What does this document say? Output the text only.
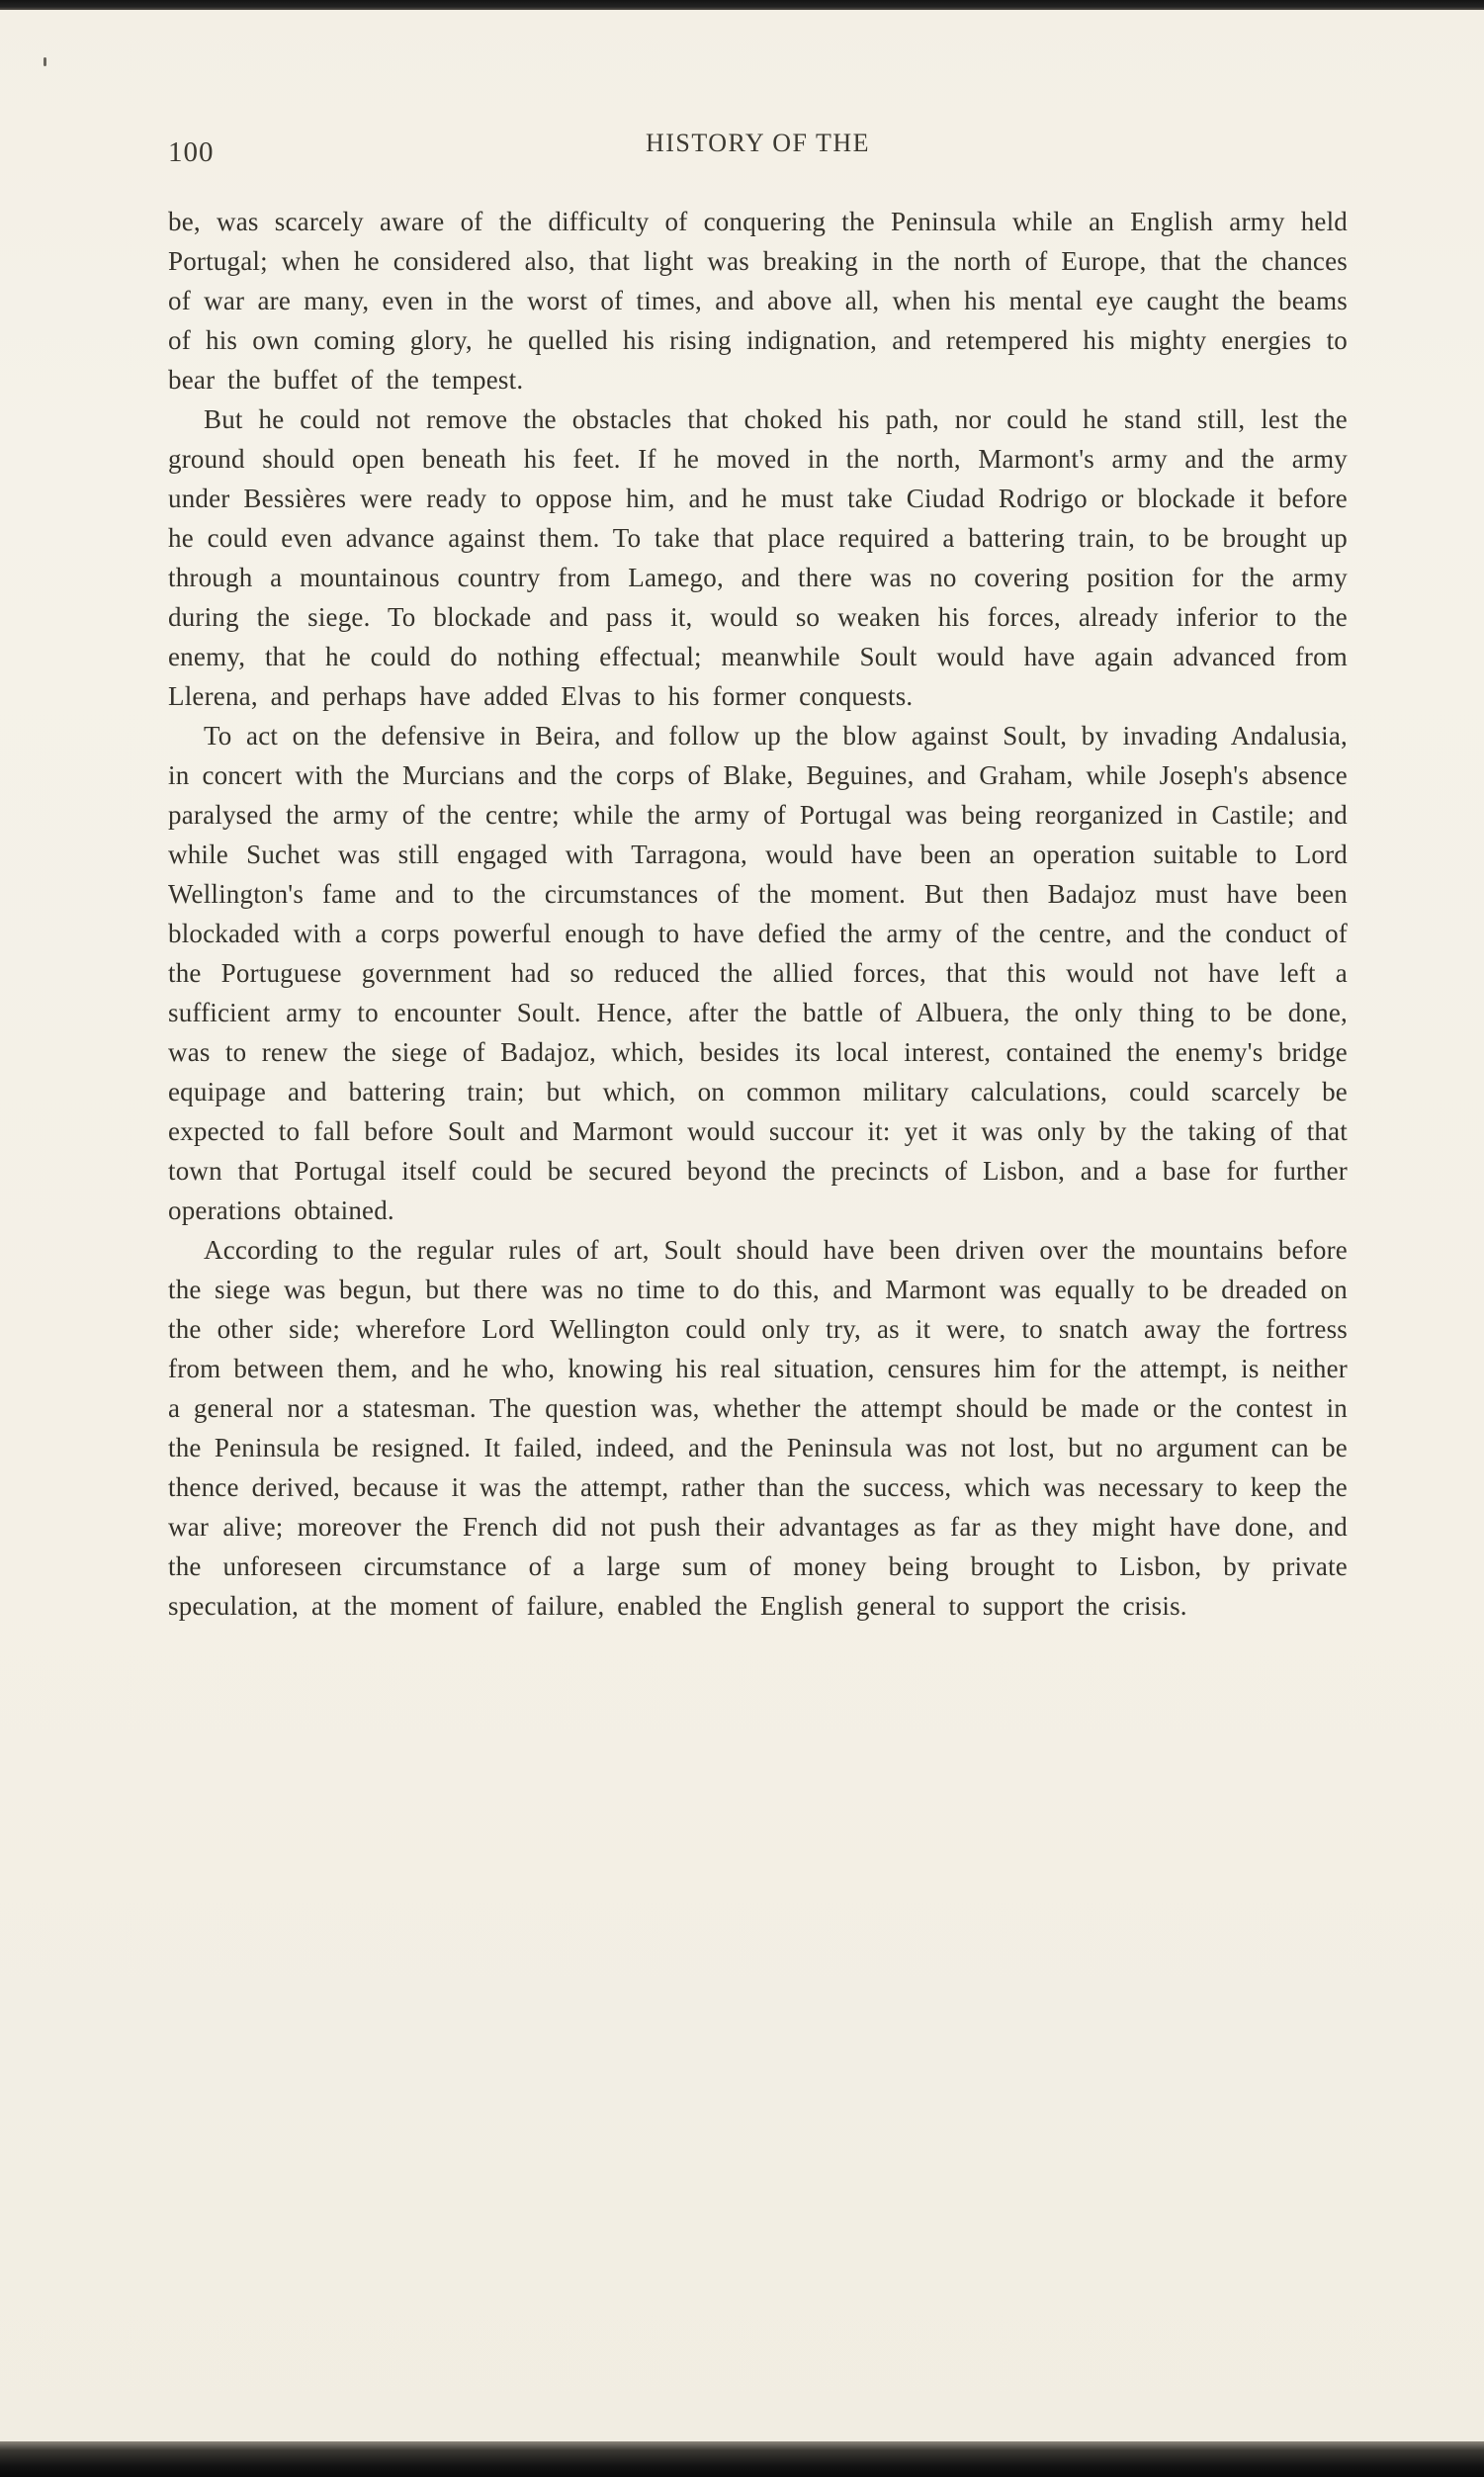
100	HISTORY OF THE

be, was scarcely aware of the difficulty of conquering the Peninsula while an English army held Portugal; when he considered also, that light was breaking in the north of Europe, that the chances of war are many, even in the worst of times, and above all, when his mental eye caught the beams of his own coming glory, he quelled his rising indignation, and retempered his mighty energies to bear the buffet of the tempest.

But he could not remove the obstacles that choked his path, nor could he stand still, lest the ground should open beneath his feet. If he moved in the north, Marmont's army and the army under Bessières were ready to oppose him, and he must take Ciudad Rodrigo or blockade it before he could even advance against them. To take that place required a battering train, to be brought up through a mountainous country from Lamego, and there was no covering position for the army during the siege. To blockade and pass it, would so weaken his forces, already inferior to the enemy, that he could do nothing effectual; meanwhile Soult would have again advanced from Llerena, and perhaps have added Elvas to his former conquests.

To act on the defensive in Beira, and follow up the blow against Soult, by invading Andalusia, in concert with the Murcians and the corps of Blake, Beguines, and Graham, while Joseph's absence paralysed the army of the centre; while the army of Portugal was being reorganized in Castile; and while Suchet was still engaged with Tarragona, would have been an operation suitable to Lord Wellington's fame and to the circumstances of the moment. But then Badajoz must have been blockaded with a corps powerful enough to have defied the army of the centre, and the conduct of the Portuguese government had so reduced the allied forces, that this would not have left a sufficient army to encounter Soult. Hence, after the battle of Albuera, the only thing to be done, was to renew the siege of Badajoz, which, besides its local interest, contained the enemy's bridge equipage and battering train; but which, on common military calculations, could scarcely be expected to fall before Soult and Marmont would succour it: yet it was only by the taking of that town that Portugal itself could be secured beyond the precincts of Lisbon, and a base for further operations obtained.

According to the regular rules of art, Soult should have been driven over the mountains before the siege was begun, but there was no time to do this, and Marmont was equally to be dreaded on the other side; wherefore Lord Wellington could only try, as it were, to snatch away the fortress from between them, and he who, knowing his real situation, censures him for the attempt, is neither a general nor a statesman. The question was, whether the attempt should be made or the contest in the Peninsula be resigned. It failed, indeed, and the Peninsula was not lost, but no argument can be thence derived, because it was the attempt, rather than the success, which was necessary to keep the war alive; moreover the French did not push their advantages as far as they might have done, and the unforeseen circumstance of a large sum of money being brought to Lisbon, by private speculation, at the moment of failure, enabled the English general to support the crisis.
